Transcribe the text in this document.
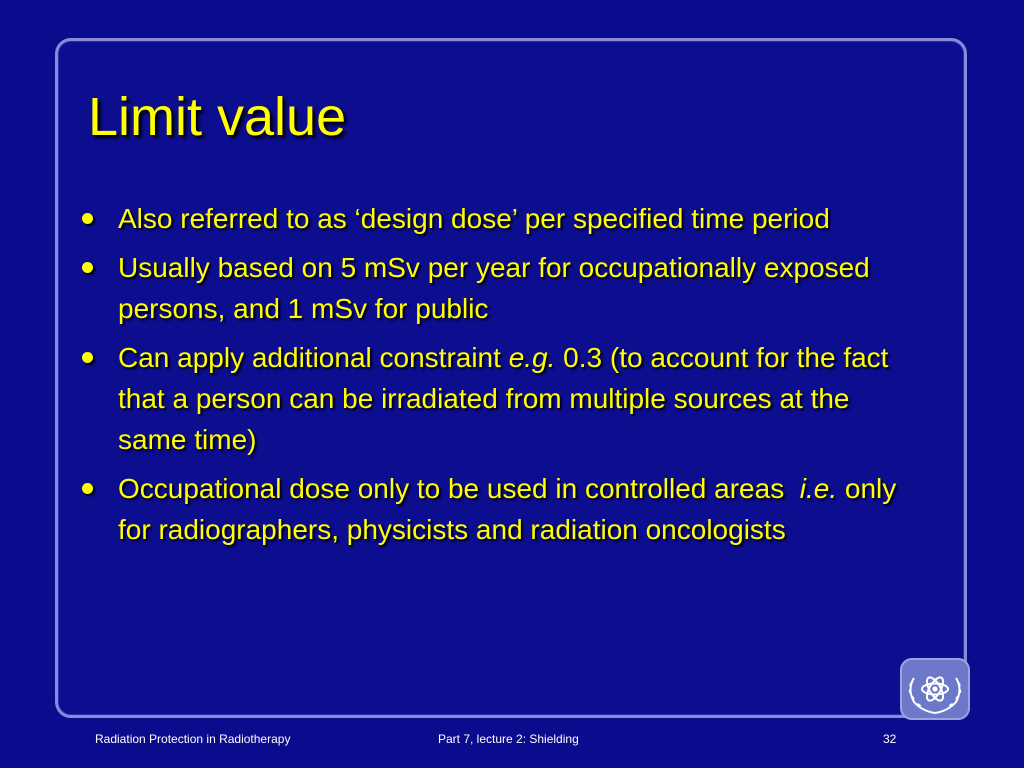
Limit value
Also referred to as ‘design dose’ per specified time period
Usually based on 5 mSv per year for occupationally exposed persons, and 1 mSv for public
Can apply additional constraint e.g. 0.3 (to account for the fact that a person can be irradiated from multiple sources at the same time)
Occupational dose only to be used in controlled areas  i.e. only for radiographers, physicists and radiation oncologists
Radiation Protection in Radiotherapy	Part 7, lecture 2: Shielding	32
